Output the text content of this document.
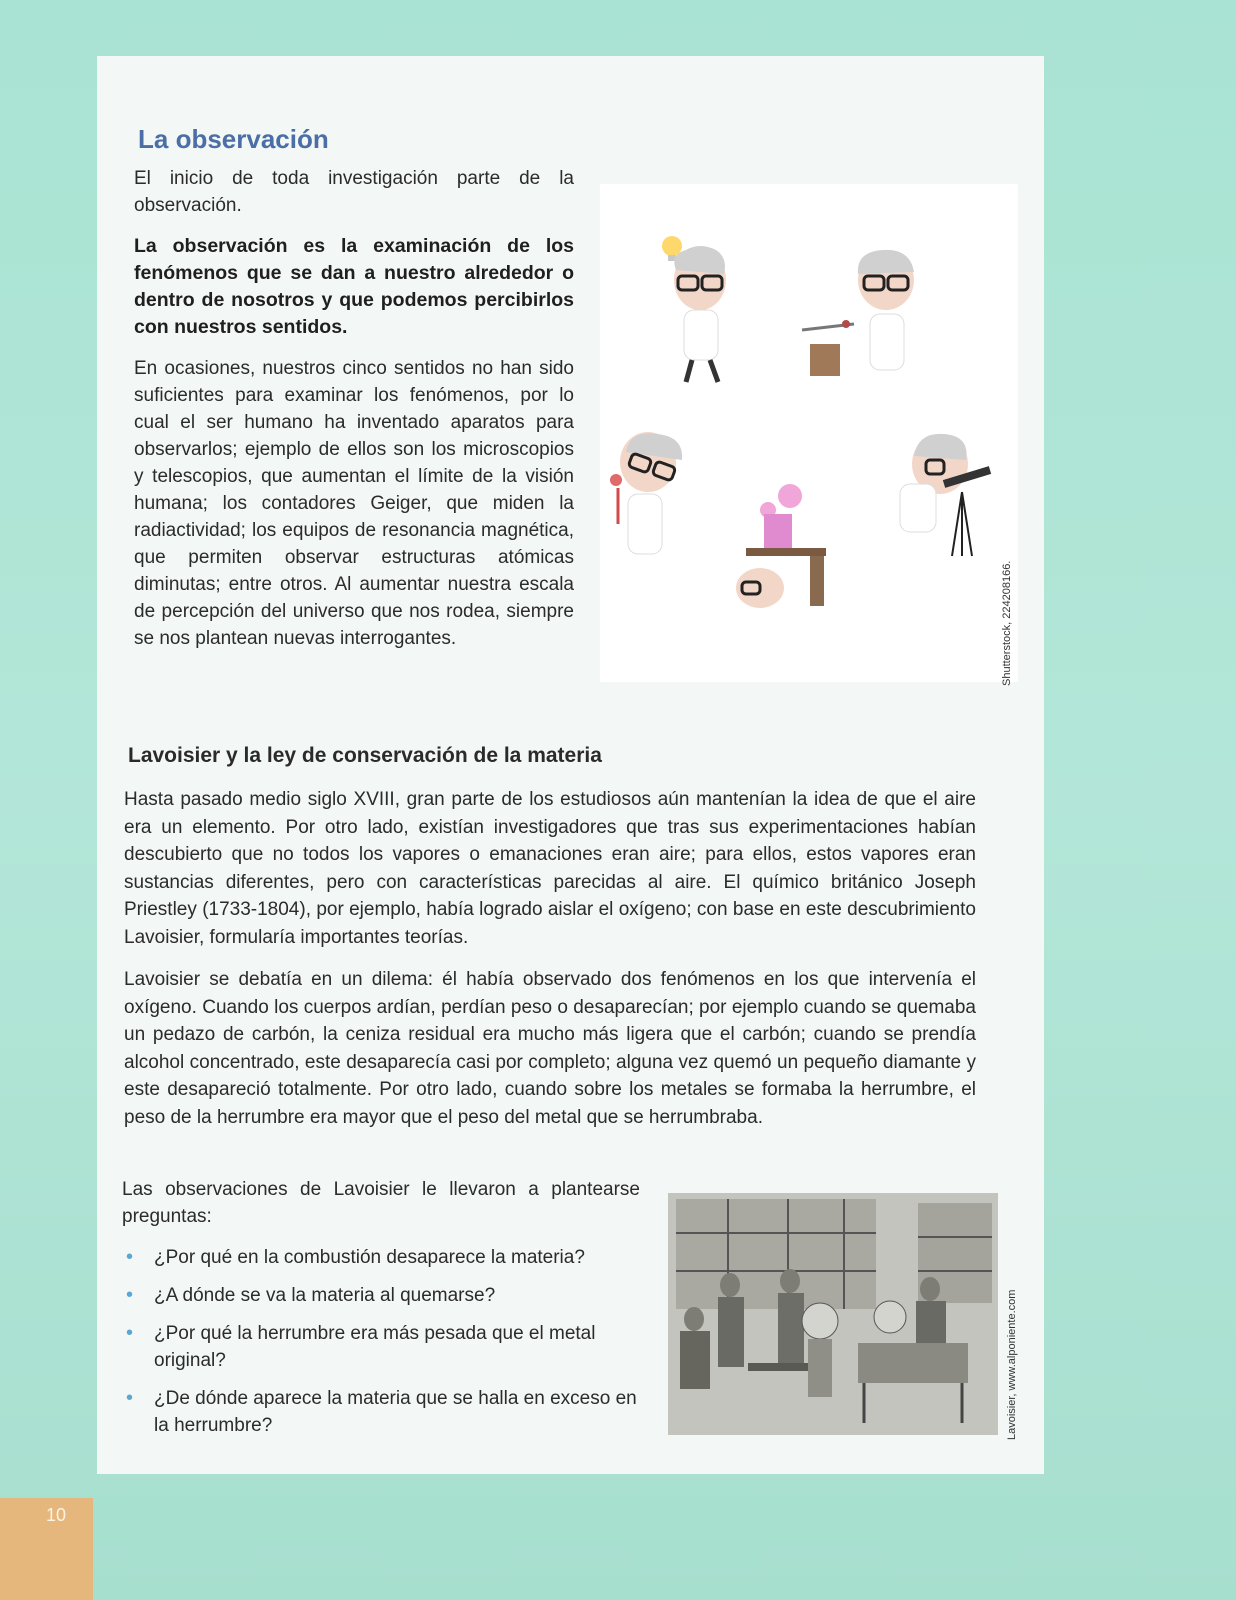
La observación

El inicio de toda investigación parte de la observación.

La observación es la examinación de los fenómenos que se dan a nuestro alrededor o dentro de nosotros y que podemos percibirlos con nuestros sentidos.

En ocasiones, nuestros cinco sentidos no han sido suficientes para examinar los fenómenos, por lo cual el ser humano ha inventado aparatos para observarlos; ejemplo de ellos son los microscopios y telescopios, que aumentan el límite de la visión humana; los contadores Geiger, que miden la radiactividad; los equipos de resonancia magnética, que permiten observar estructuras atómicas diminutas; entre otros. Al aumentar nuestra escala de percepción del universo que nos rodea, siempre se nos plantean nuevas interrogantes.	Shutterstock, 224208166.
Lavoisier y la ley de conservación de la materia

Hasta pasado medio siglo XVIII, gran parte de los estudiosos aún mantenían la idea de que el aire era un elemento. Por otro lado, existían investigadores que tras sus experimentaciones habían descubierto que no todos los vapores o emanaciones eran aire; para ellos, estos vapores eran sustancias diferentes, pero con características parecidas al aire. El químico británico Joseph Priestley (1733-1804), por ejemplo, había logrado aislar el oxígeno; con base en este descubrimiento Lavoisier, formularía importantes teorías.

Lavoisier se debatía en un dilema: él había observado dos fenómenos en los que intervenía el oxígeno. Cuando los cuerpos ardían, perdían peso o desaparecían; por ejemplo cuando se quemaba un pedazo de carbón, la ceniza residual era mucho más ligera que el carbón; cuando se prendía alcohol concentrado, este desaparecía casi por completo; alguna vez quemó un pequeño diamante y este desapareció totalmente. Por otro lado, cuando sobre los metales se formaba la herrumbre, el peso de la herrumbre era mayor que el peso del metal que se herrumbraba.

Las observaciones de Lavoisier le llevaron a plantearse preguntas:

• ¿Por qué en la combustión desaparece la materia?
• ¿A dónde se va la materia al quemarse?
• ¿Por qué la herrumbre era más pesada que el metal original?
• ¿De dónde aparece la materia que se halla en exceso en la herrumbre?	Lavoisier, www.alponiente.com
10
